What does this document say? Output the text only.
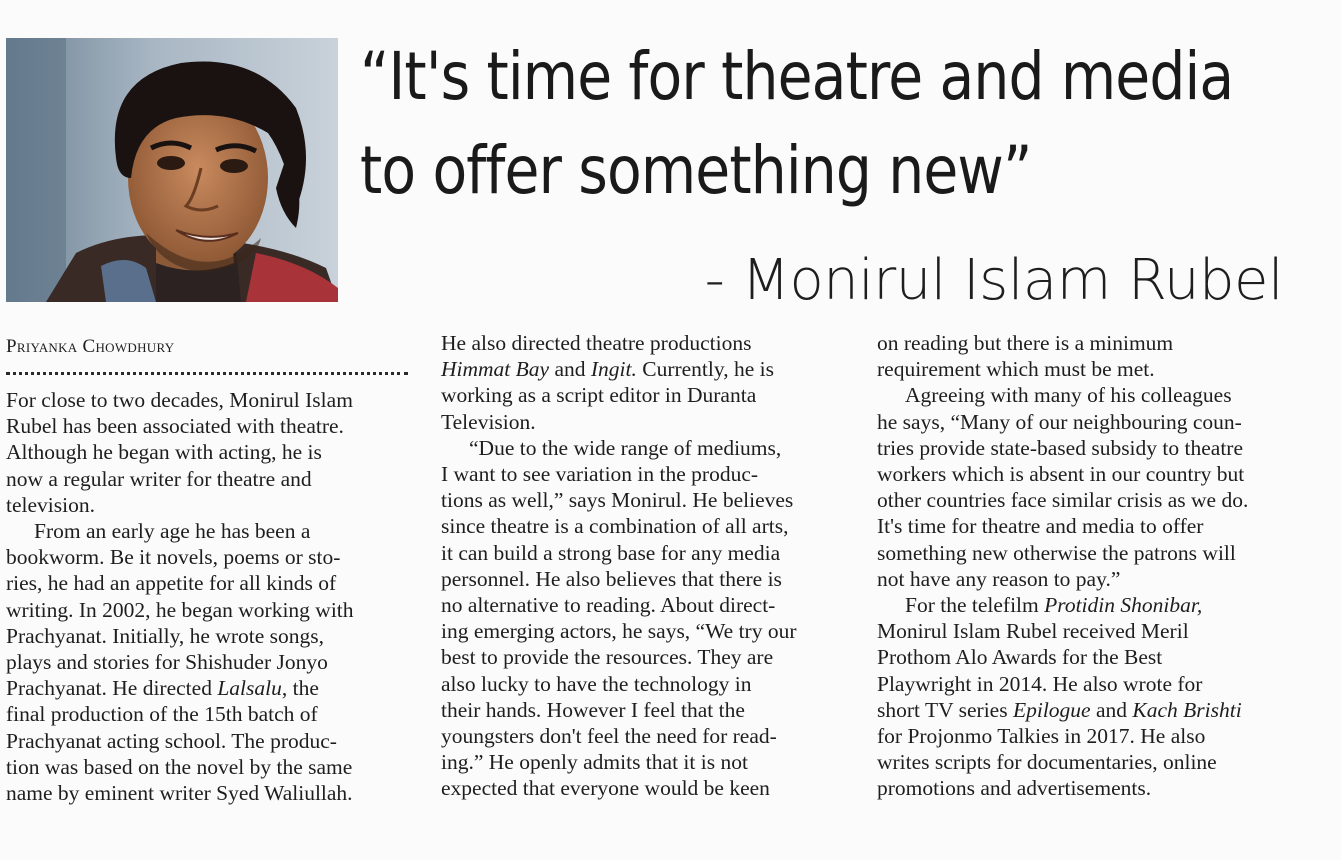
“It's time for theatre and media
to offer something new”
- Monirul Islam Rubel
Priyanka Chowdhury
For close to two decades, Monirul Islam
Rubel has been associated with theatre.
Although he began with acting, he is
now a regular writer for theatre and
television.
From an early age he has been a
bookworm. Be it novels, poems or sto-
ries, he had an appetite for all kinds of
writing. In 2002, he began working with
Prachyanat. Initially, he wrote songs,
plays and stories for Shishuder Jonyo
Prachyanat. He directed Lalsalu, the
final production of the 15th batch of
Prachyanat acting school. The produc-
tion was based on the novel by the same
name by eminent writer Syed Waliullah.
He also directed theatre productions
Himmat Bay and Ingit. Currently, he is
working as a script editor in Duranta
Television.
“Due to the wide range of mediums,
I want to see variation in the produc-
tions as well,” says Monirul. He believes
since theatre is a combination of all arts,
it can build a strong base for any media
personnel. He also believes that there is
no alternative to reading. About direct-
ing emerging actors, he says, “We try our
best to provide the resources. They are
also lucky to have the technology in
their hands. However I feel that the
youngsters don't feel the need for read-
ing.” He openly admits that it is not
expected that everyone would be keen
on reading but there is a minimum
requirement which must be met.
Agreeing with many of his colleagues
he says, “Many of our neighbouring coun-
tries provide state-based subsidy to theatre
workers which is absent in our country but
other countries face similar crisis as we do.
It's time for theatre and media to offer
something new otherwise the patrons will
not have any reason to pay.”
For the telefilm Protidin Shonibar,
Monirul Islam Rubel received Meril
Prothom Alo Awards for the Best
Playwright in 2014. He also wrote for
short TV series Epilogue and Kach Brishti
for Projonmo Talkies in 2017. He also
writes scripts for documentaries, online
promotions and advertisements.
